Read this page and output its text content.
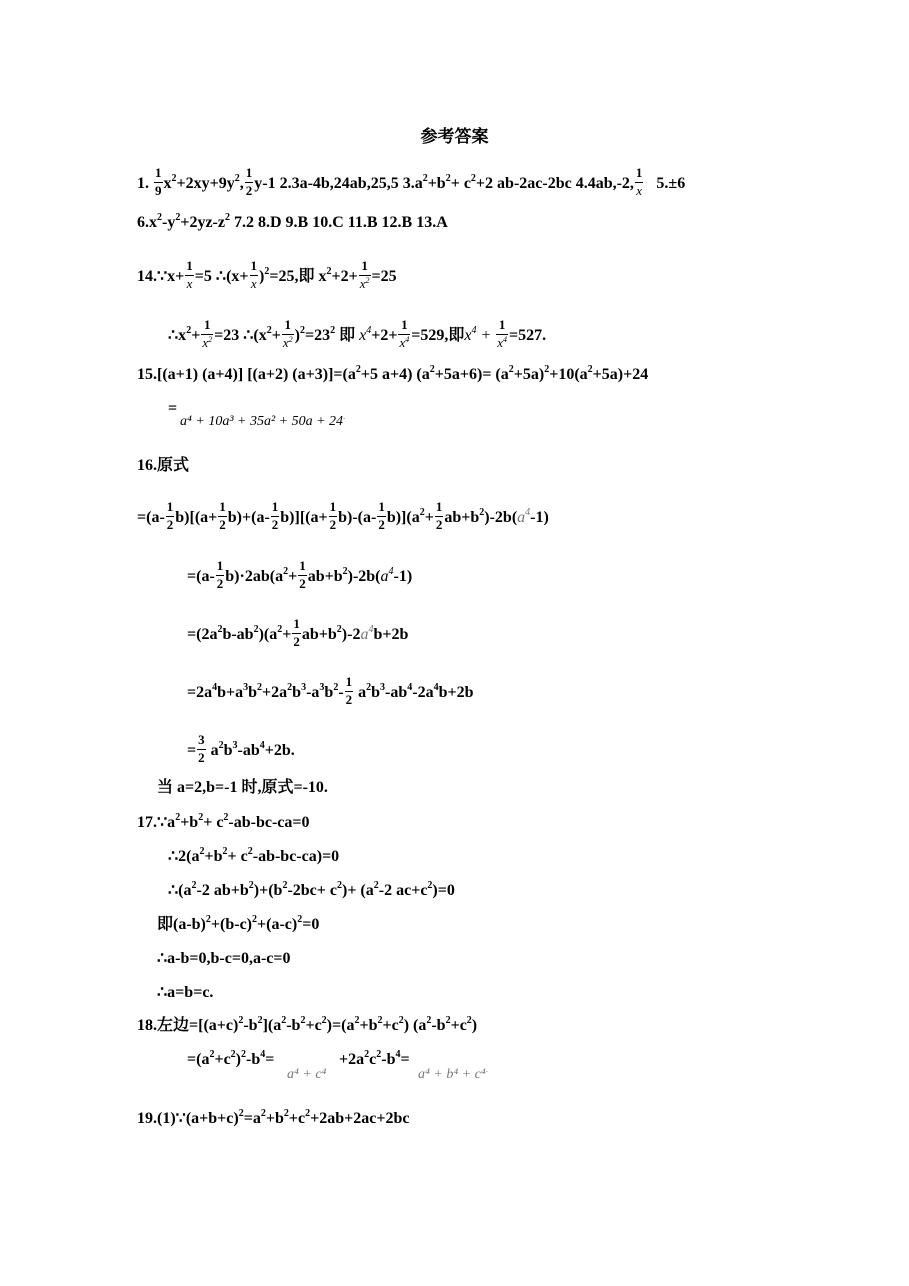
参考答案
1. $\frac{1}{9} x^2+2xy+9y^2$, $\frac{1}{2} y-1$ 2.3a-4b,24ab,25,5 $3.a^2+b^2+ c^2+2$ ab-2ac-2bc 4.4ab,-2, $\frac{1}{x} 5.\pm 6$
$6.x^2-y^2+2yz-z^2$ 7.2 8.D 9.B 10.C 11.B 12.B 13.A
14.∵x+ $\frac{1}{x} =5$ ∴(x+ $\frac{1}{x} )^2=25$,即 $x^2+2+ \frac{1}{x^2} =25$
$\therefore x^2+ \frac{1}{x^2} =23$ $\therefore(x^2+ \frac{1}{x^2} )^2=23^2$ 即 $x^4+2+ \frac{1}{x^4} =529$,即$x^4 + \frac{1}{x^4} =527$.
15.[(a+1) (a+4)] [(a+2) $(a+3)]=(a^2+5$ a+4) $(a^2+5a+6)= (a^2+5a)^2+10(a^2+5a)+24$
=
a⁴ + 10a³ + 35a² + 50a + 24.
16.原式
$=(a- \frac{1}{2} b)[(a+ \frac{1}{2} b)+(a- \frac{1}{2} b)][(a+ \frac{1}{2} b)-(a- \frac{1}{2} b)](a^2+ \frac{1}{2} ab+b^2)-2b(a^4-1)$
$=(a- \frac{1}{2} b)\cdot 2ab(a^2+ \frac{1}{2} ab+b^2)-2b(a^4-1)$
$=(2a^2b-ab^2)(a^2+ \frac{1}{2} ab+b^2)-2a^4b+2b$
$=2a^4b+a^3b^2+2a^2b^3-a^3b^2- \frac{1}{2} a^2b^3-ab^4-2a^4b+2b$
= $\frac{3}{2} a^2b^3-ab^4+2b$.
当 a=2,b=-1 时,原式=-10.
$17.\because a^2+b^2+ c^2-ab-bc-ca=0$
$\therefore 2(a^2+b^2+ c^2-ab-bc-ca)=0$
$\therefore(a^2-2$ $ab+b^2)+(b^2-2bc+ c^2)+ (a^2-2$ $ac+c^2)=0$
即$(a-b)^2+(b-c)^2+(a-c)^2=0$
∴a-b=0,b-c=0,a-c=0
∴a=b=c.
18.左边$=[(a+c)^2-b^2](a^2-b^2+c^2)=(a^2+b^2+c^2)$ $(a^2-b^2+c^2)$
$=(a^2+c^2)^2-b^4=$
a⁴ + c⁴
$+2a^2c^2-b^4=$
a⁴ + b⁴ + c⁴.
$19.(1)\because(a+b+c)^2=a^2+b^2+c^2+2ab+2ac+2bc$
